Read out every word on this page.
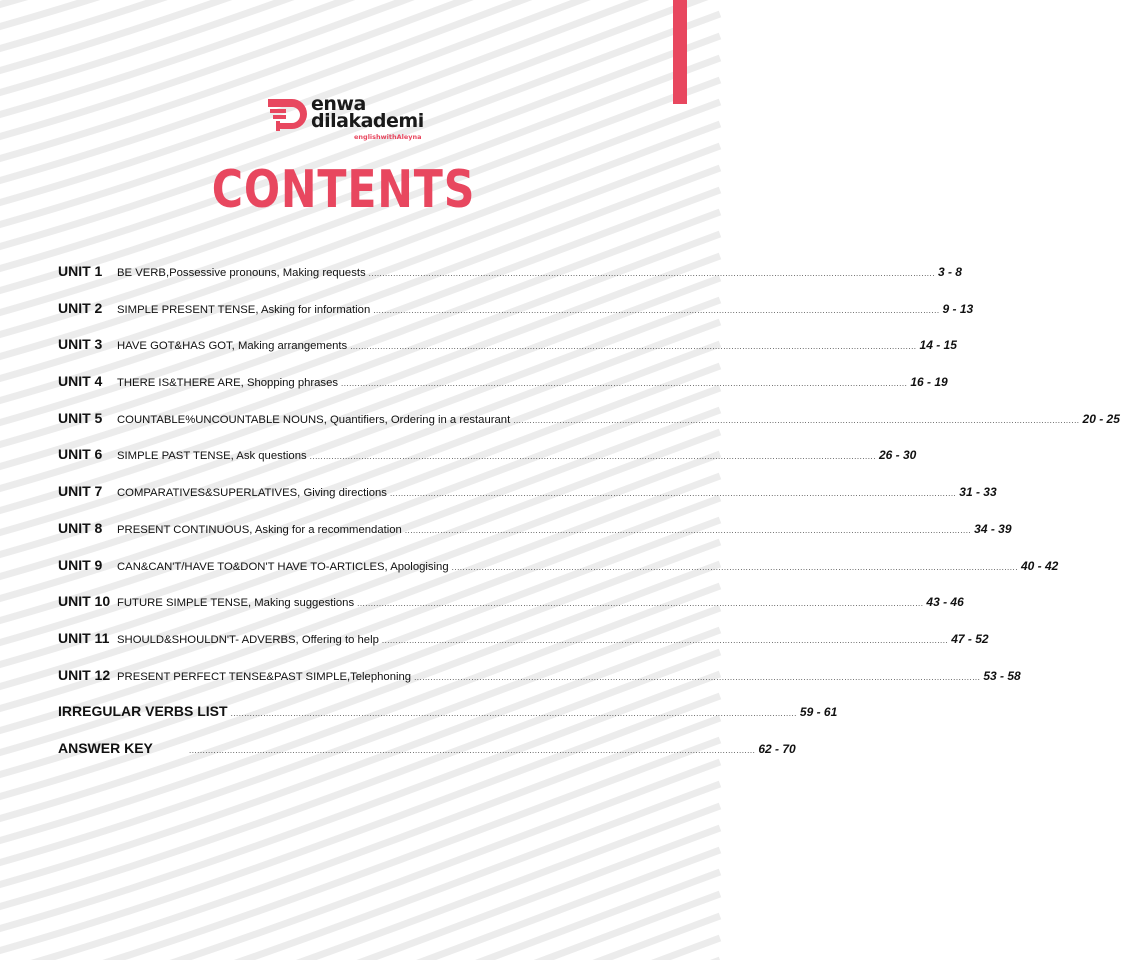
enwa
dilakademi
englishwithAleyna
CONTENTS
UNIT 1	BE VERB,Possessive pronouns, Making requests .....	3 - 8
UNIT 2	SIMPLE PRESENT TENSE, Asking for information .....	9 - 13
UNIT 3	HAVE GOT&HAS GOT, Making arrangements .....	14 - 15
UNIT 4	THERE IS&THERE ARE, Shopping phrases .....	16 - 19
UNIT 5	COUNTABLE%UNCOUNTABLE NOUNS, Quantifiers, Ordering in a restaurant .....	20 - 25
UNIT 6	SIMPLE PAST TENSE, Ask questions .....	26 - 30
UNIT 7	COMPARATIVES&SUPERLATIVES, Giving directions .....	31 - 33
UNIT 8	PRESENT CONTINUOUS, Asking for a recommendation .....	34 - 39
UNIT 9	CAN&CAN'T/HAVE TO&DON'T HAVE TO-ARTICLES, Apologising .....	40 - 42
UNIT 10 FUTURE SIMPLE TENSE, Making suggestions .....	43 - 46
UNIT 11 SHOULD&SHOULDN'T- ADVERBS, Offering to help .....	47 - 52
UNIT 12 PRESENT PERFECT TENSE&PAST SIMPLE,Telephoning .....	53 - 58
IRREGULAR VERBS LIST .....	59 - 61
ANSWER KEY .....	62 - 70
